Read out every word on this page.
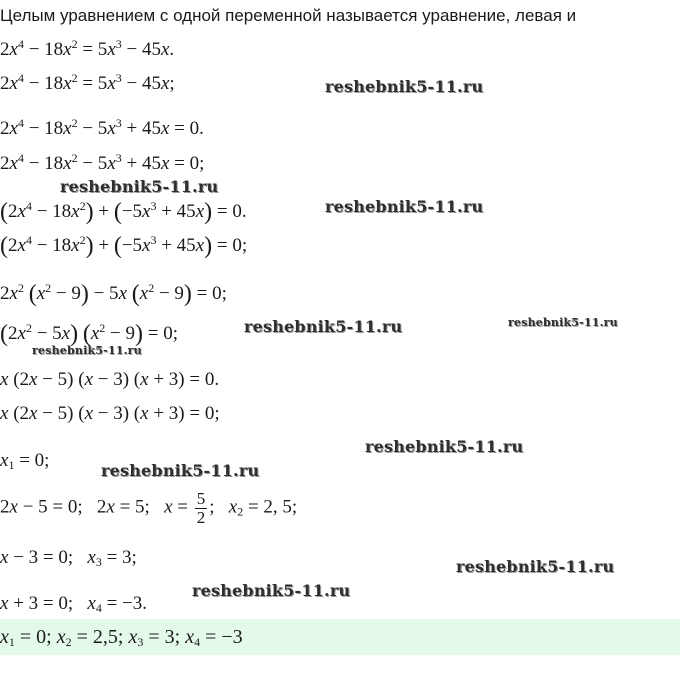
Целым уравнением с одной переменной называется уравнение, левая и
$2x^4 - 18x^2 = 5x^3 - 45x$.
$2x^4 - 18x^2 = 5x^3 - 45x$;
$2x^4 - 18x^2 - 5x^3 + 45x = 0$.
$2x^4 - 18x^2 - 5x^3 + 45x = 0$;
$(2x^4 - 18x^2) + (-5x^3 + 45x) = 0$.
$(2x^4 - 18x^2) + (-5x^3 + 45x) = 0$;
$2x^2$ $(x^2 - 9) - 5x$ $(x^2 - 9) = 0$;
$(2x^2 - 5x) (x^2 - 9) = 0$;
x (2x − 5) (x − 3) (x + 3) = 0.
x (2x − 5) (x − 3) (x + 3) = 0;
$x_1 = 0$;
2x − 5 = 0;   2x = 5;   $x = \frac{5}{2}$ ;   $x_2 = 2$, 5;
x − 3 = 0;   $x_3 = 3$;
x + 3 = 0;   $x_4 = -3$.
$x_1 = 0$; $x_2 = 2,5$; $x_3 = 3$; $x_4 = -3$
reshebnik5-11.ru
reshebnik5-11.ru
reshebnik5-11.ru
reshebnik5-11.ru	reshebnik5-11.ru
reshebnik5-11.ru
reshebnik5-11.ru
reshebnik5-11.ru
reshebnik5-11.ru
reshebnik5-11.ru
